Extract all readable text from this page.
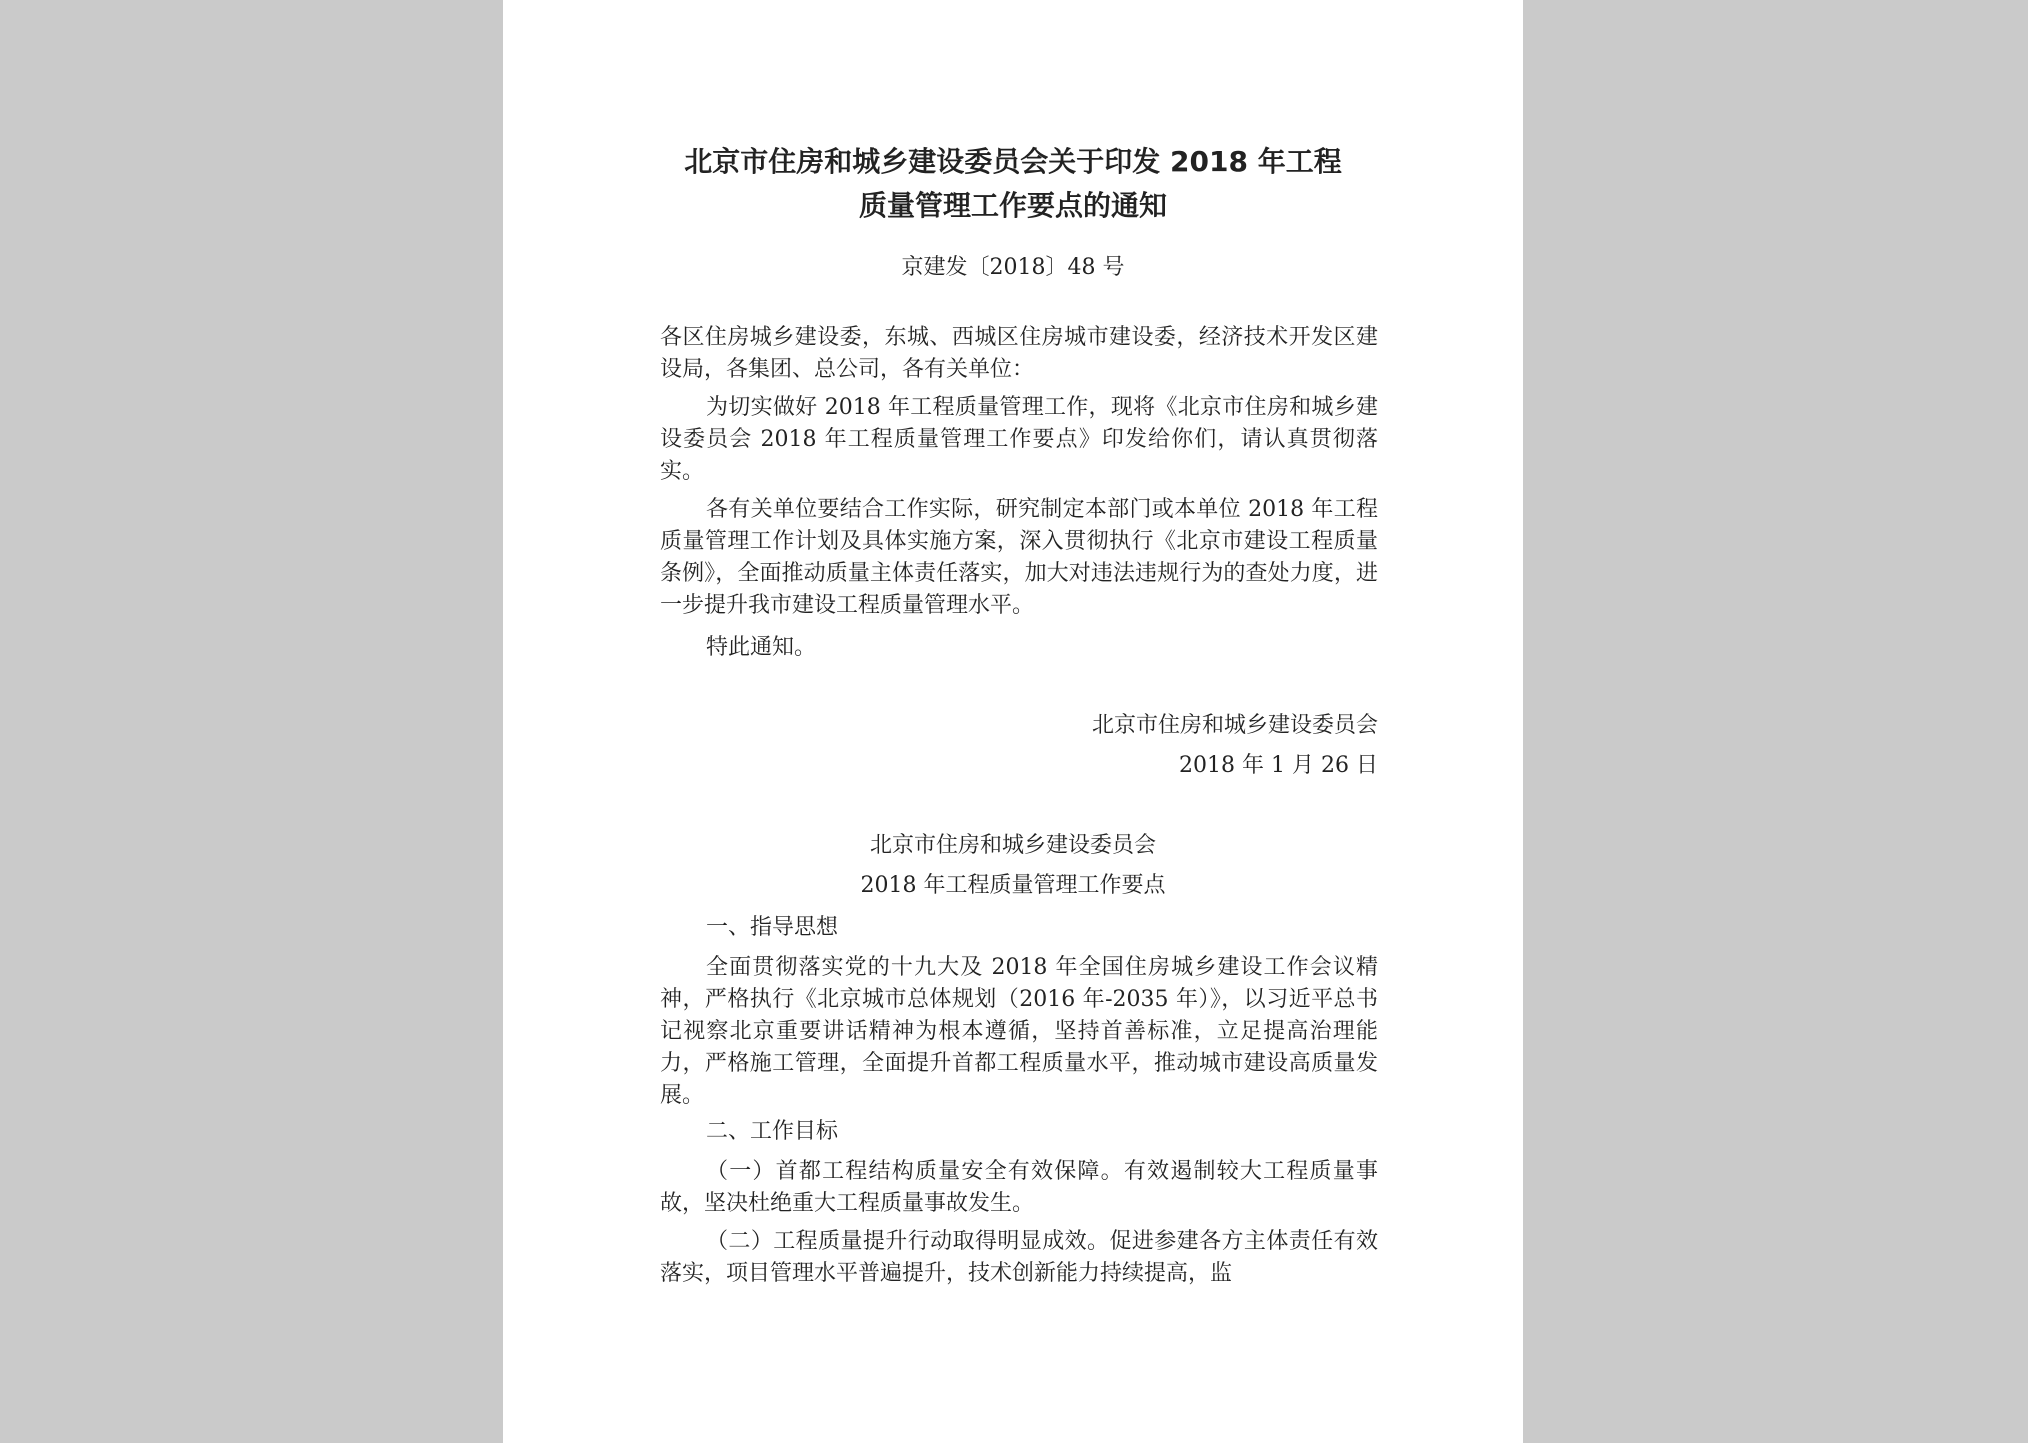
北京市住房和城乡建设委员会关于印发 2018 年工程
质量管理工作要点的通知

京建发〔2018〕48 号

各区住房城乡建设委，东城、西城区住房城市建设委，经济技术开发区建设局，各集团、总公司，各有关单位：

为切实做好 2018 年工程质量管理工作，现将《北京市住房和城乡建设委员会 2018 年工程质量管理工作要点》印发给你们，请认真贯彻落实。

各有关单位要结合工作实际，研究制定本部门或本单位 2018 年工程质量管理工作计划及具体实施方案，深入贯彻执行《北京市建设工程质量条例》，全面推动质量主体责任落实，加大对违法违规行为的查处力度，进一步提升我市建设工程质量管理水平。

特此通知。

北京市住房和城乡建设委员会

2018 年 1 月 26 日

北京市住房和城乡建设委员会

2018 年工程质量管理工作要点

一、指导思想

全面贯彻落实党的十九大及 2018 年全国住房城乡建设工作会议精神，严格执行《北京城市总体规划（2016 年-2035 年）》，以习近平总书记视察北京重要讲话精神为根本遵循，坚持首善标准，立足提高治理能力，严格施工管理，全面提升首都工程质量水平，推动城市建设高质量发展。

二、工作目标

（一）首都工程结构质量安全有效保障。有效遏制较大工程质量事故，坚决杜绝重大工程质量事故发生。

（二）工程质量提升行动取得明显成效。促进参建各方主体责任有效落实，项目管理水平普遍提升，技术创新能力持续提高，监
